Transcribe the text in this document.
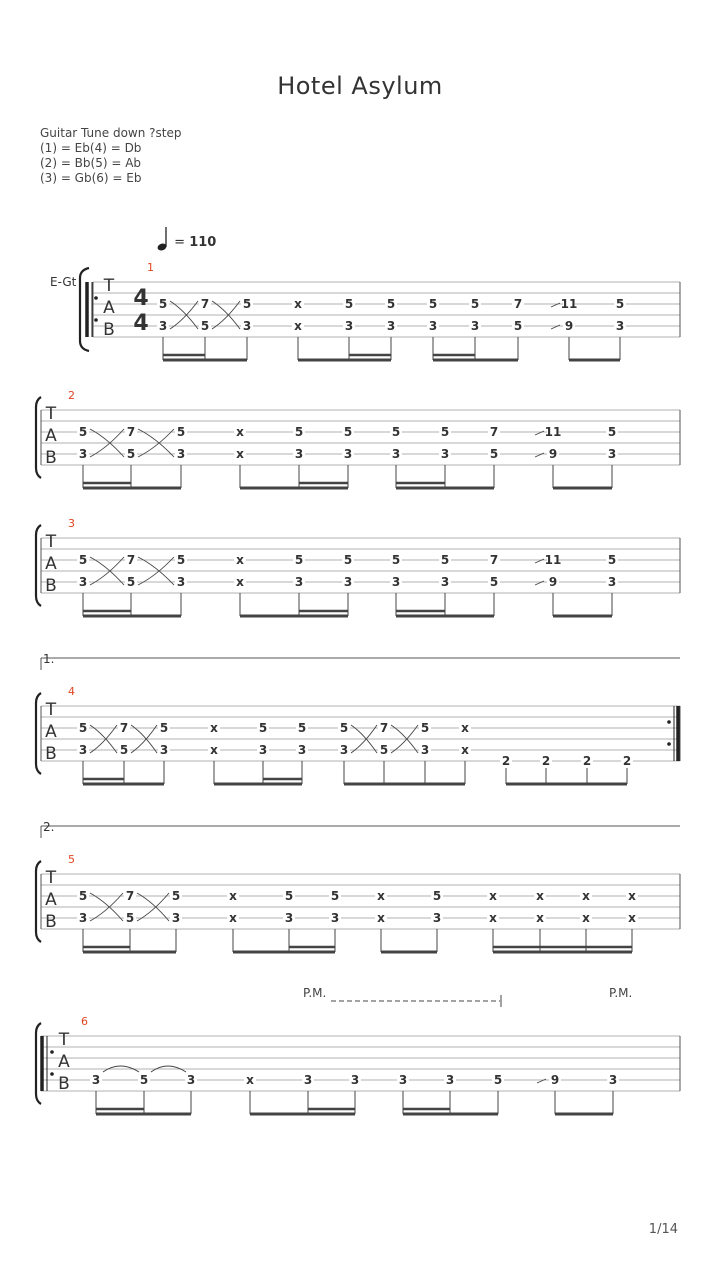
Hotel Asylum
Guitar Tune down ?step
(1) = Eb(4) = Db
(2) = Bb(5) = Ab
(3) = Gb(6) = Eb
= 110
E-Gt
P.M.	P.M.
T
A
B
4
4
1
5	7	5	x	5	5	5	5	7	11	5
3	5	3	x	3	3	3	3	5	9	3
T
A
B
2
5	7	5	x	5	5	5	5	7	11	5
3	5	3	x	3	3	3	3	5	9	3
T
A
B
3
5	7	5	x	5	5	5	5	7	11	5
3	5	3	x	3	3	3	3	5	9	3
1.
T
A
B
4
5	7	5	x	5	5	5	7	5	x
3	5	3	x	3	3	3	5	3	x
2	2	2	2
2.
T
A
B
5
5	7	5	x	5	5	x	5	x	x	x	x
3	5	3	x	3	3	x	3	x	x	x	x
T
A
B
6
3	5	3	x	3	3	3	3	5	9	3
1/14
